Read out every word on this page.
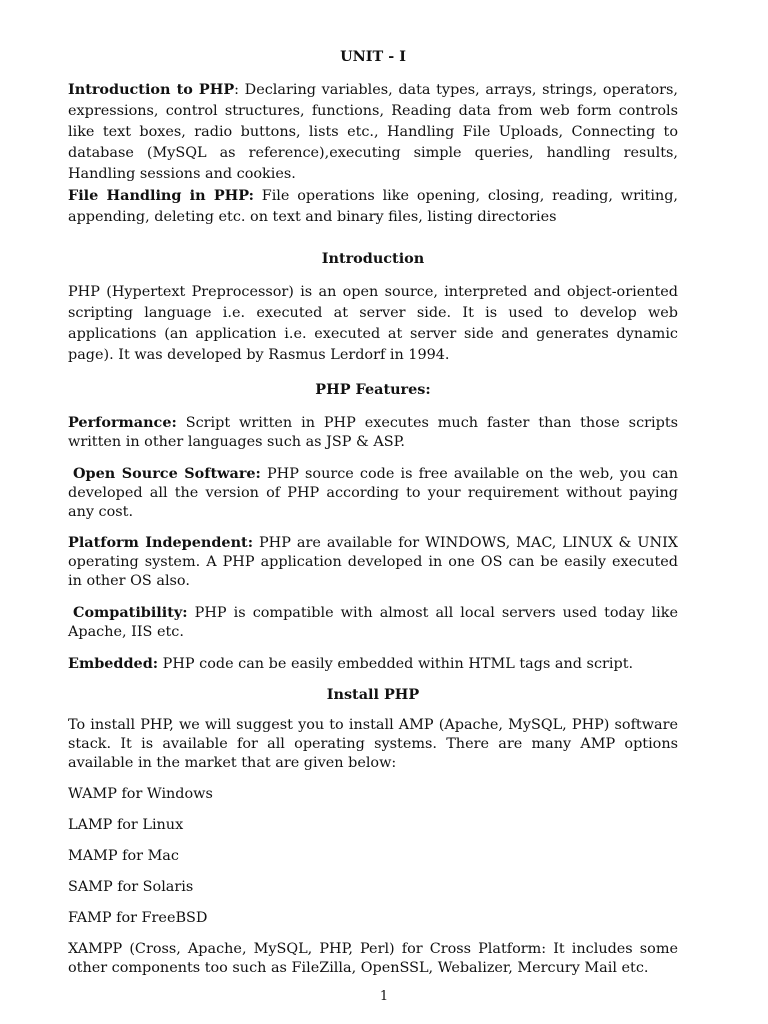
UNIT - I

Introduction to PHP: Declaring variables, data types, arrays, strings, operators, expressions, control structures, functions, Reading data from web form controls like text boxes, radio buttons, lists etc., Handling File Uploads, Connecting to database (MySQL as reference),executing simple queries, handling results, Handling sessions and cookies.

File Handling in PHP: File operations like opening, closing, reading, writing, appending, deleting etc. on text and binary files, listing directories

Introduction

PHP (Hypertext Preprocessor) is an open source, interpreted and object-oriented scripting language i.e. executed at server side. It is used to develop web applications (an application i.e. executed at server side and generates dynamic page). It was developed by Rasmus Lerdorf in 1994.

PHP Features:

Performance: Script written in PHP executes much faster than those scripts written in other languages such as JSP & ASP.

Open Source Software: PHP source code is free available on the web, you can developed all the version of PHP according to your requirement without paying any cost.

Platform Independent: PHP are available for WINDOWS, MAC, LINUX & UNIX operating system. A PHP application developed in one OS can be easily executed in other OS also.

Compatibility: PHP is compatible with almost all local servers used today like Apache, IIS etc.

Embedded: PHP code can be easily embedded within HTML tags and script.

Install PHP

To install PHP, we will suggest you to install AMP (Apache, MySQL, PHP) software stack. It is available for all operating systems. There are many AMP options available in the market that are given below:

WAMP for Windows

LAMP for Linux

MAMP for Mac

SAMP for Solaris

FAMP for FreeBSD

XAMPP (Cross, Apache, MySQL, PHP, Perl) for Cross Platform: It includes some other components too such as FileZilla, OpenSSL, Webalizer, Mercury Mail etc.

1
